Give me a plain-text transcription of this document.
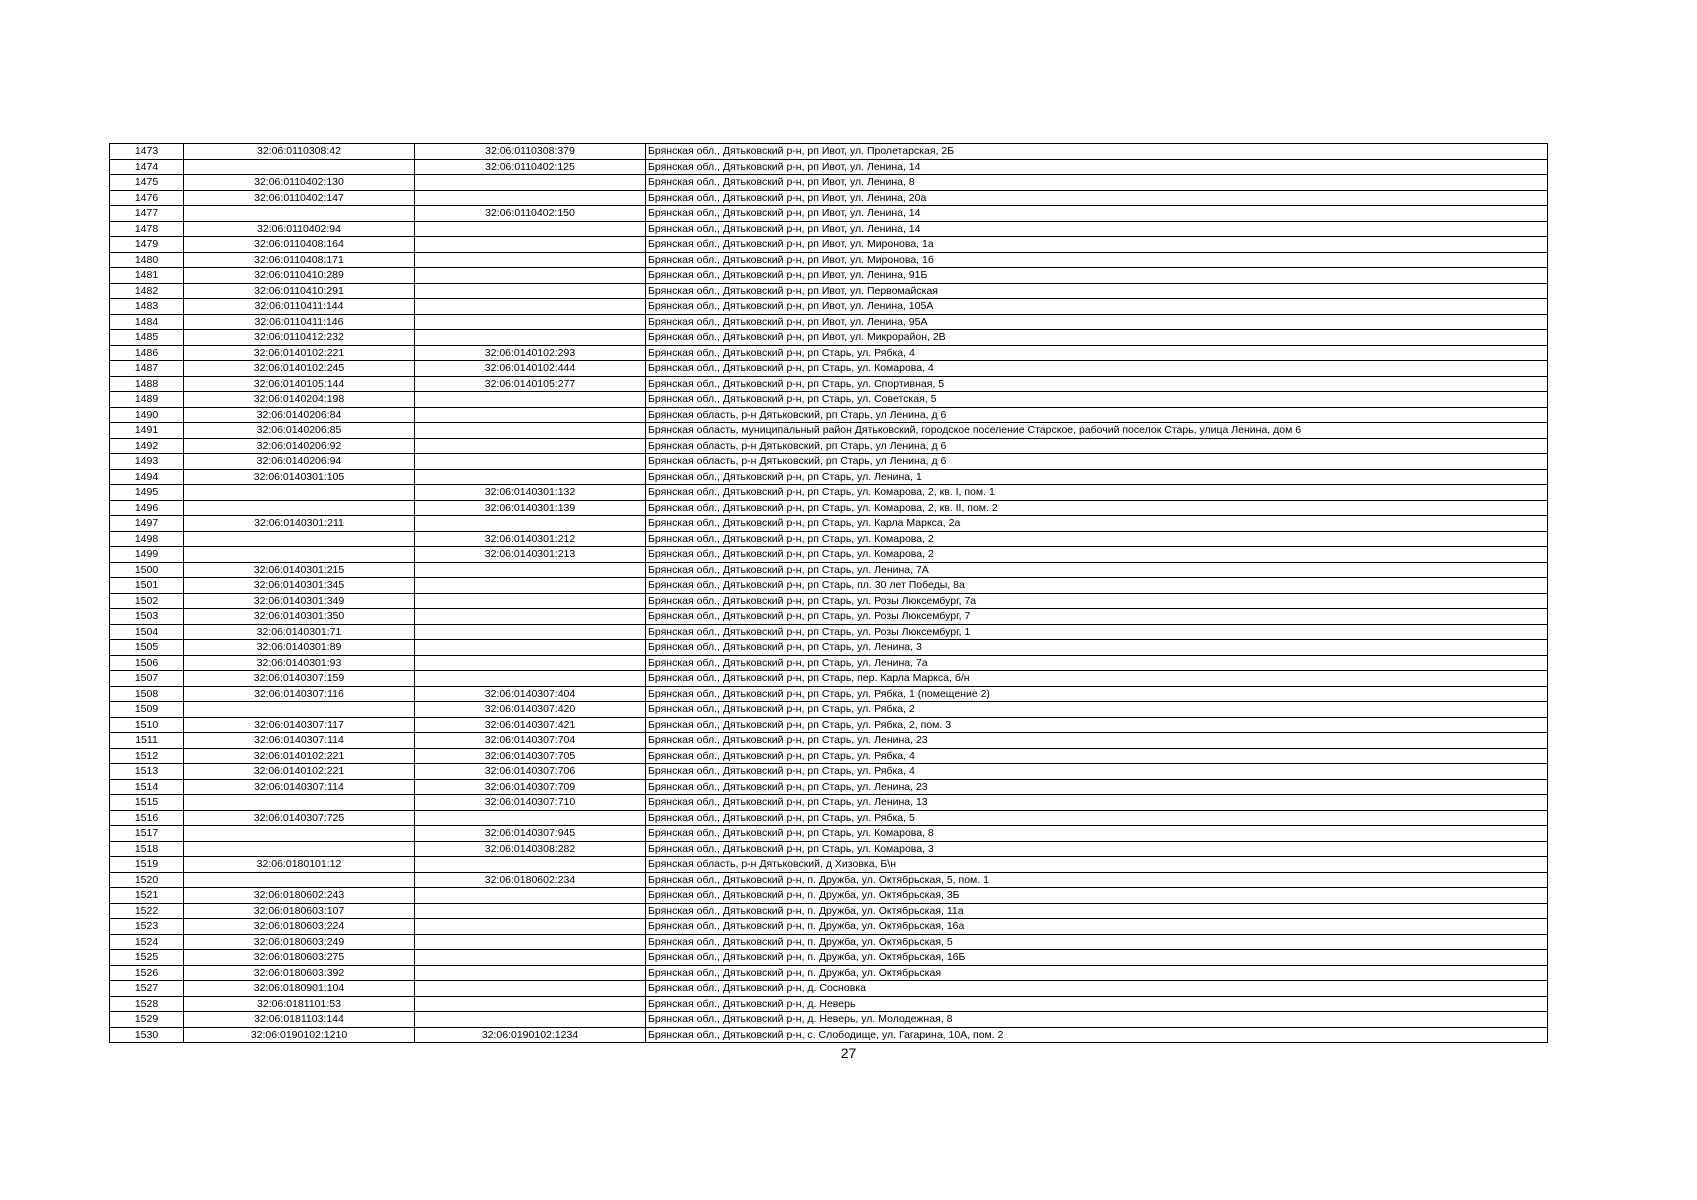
1473	32:06:0110308:42	32:06:0110308:379	Брянская обл., Дятьковский р-н, рп Ивот, ул. Пролетарская, 2Б
1474		32:06:0110402:125	Брянская обл., Дятьковский р-н, рп Ивот, ул. Ленина, 14
1475	32:06:0110402:130		Брянская обл., Дятьковский р-н, рп Ивот, ул. Ленина, 8
1476	32:06:0110402:147		Брянская обл., Дятьковский р-н, рп Ивот, ул. Ленина, 20а
1477		32:06:0110402:150	Брянская обл., Дятьковский р-н, рп Ивот, ул. Ленина, 14
1478	32:06:0110402:94		Брянская обл., Дятьковский р-н, рп Ивот, ул. Ленина, 14
1479	32:06:0110408:164		Брянская обл., Дятьковский р-н, рп Ивот, ул. Миронова, 1а
1480	32:06:0110408:171		Брянская обл., Дятьковский р-н, рп Ивот, ул. Миронова, 1б
1481	32:06:0110410:289		Брянская обл., Дятьковский р-н, рп Ивот, ул. Ленина, 91Б
1482	32:06:0110410:291		Брянская обл., Дятьковский р-н, рп Ивот, ул. Первомайская
1483	32:06:0110411:144		Брянская обл., Дятьковский р-н, рп Ивот, ул. Ленина, 105А
1484	32:06:0110411:146		Брянская обл., Дятьковский р-н, рп Ивот, ул. Ленина, 95А
1485	32:06:0110412:232		Брянская обл., Дятьковский р-н, рп Ивот, ул. Микрорайон, 2В
1486	32:06:0140102:221	32:06:0140102:293	Брянская обл., Дятьковский р-н, рп Старь, ул. Рябка, 4
1487	32:06:0140102:245	32:06:0140102:444	Брянская обл., Дятьковский р-н, рп Старь, ул. Комарова, 4
1488	32:06:0140105:144	32:06:0140105:277	Брянская обл., Дятьковский р-н, рп Старь, ул. Спортивная, 5
1489	32:06:0140204:198		Брянская обл., Дятьковский р-н, рп Старь, ул. Советская, 5
1490	32:06:0140206:84		Брянская область, р-н Дятьковский, рп Старь, ул Ленина, д 6
1491	32:06:0140206:85		Брянская область, муниципальный район Дятьковский, городское поселение Старское, рабочий поселок Старь, улица Ленина, дом 6
1492	32:06:0140206:92		Брянская область, р-н Дятьковский, рп Старь, ул Ленина, д 6
1493	32:06:0140206:94		Брянская область, р-н Дятьковский, рп Старь, ул Ленина, д 6
1494	32:06:0140301:105		Брянская обл., Дятьковский р-н, рп Старь, ул. Ленина, 1
1495		32:06:0140301:132	Брянская обл., Дятьковский р-н, рп Старь, ул. Комарова, 2, кв. I, пом. 1
1496		32:06:0140301:139	Брянская обл., Дятьковский р-н, рп Старь, ул. Комарова, 2, кв. II, пом. 2
1497	32:06:0140301:211		Брянская обл., Дятьковский р-н, рп Старь, ул. Карла Маркса, 2а
1498		32:06:0140301:212	Брянская обл., Дятьковский р-н, рп Старь, ул. Комарова, 2
1499		32:06:0140301:213	Брянская обл., Дятьковский р-н, рп Старь, ул. Комарова, 2
1500	32:06:0140301:215		Брянская обл., Дятьковский р-н, рп Старь, ул. Ленина, 7А
1501	32:06:0140301:345		Брянская обл., Дятьковский р-н, рп Старь, пл. 30 лет Победы, 8а
1502	32:06:0140301:349		Брянская обл., Дятьковский р-н, рп Старь, ул. Розы Люксембург, 7а
1503	32:06:0140301:350		Брянская обл., Дятьковский р-н, рп Старь, ул. Розы Люксембург, 7
1504	32:06:0140301:71		Брянская обл., Дятьковский р-н, рп Старь, ул. Розы Люксембург, 1
1505	32:06:0140301:89		Брянская обл., Дятьковский р-н, рп Старь, ул. Ленина, 3
1506	32:06:0140301:93		Брянская обл., Дятьковский р-н, рп Старь, ул. Ленина, 7а
1507	32:06:0140307:159		Брянская обл., Дятьковский р-н, рп Старь, пер. Карла Маркса, б/н
1508	32:06:0140307:116	32:06:0140307:404	Брянская обл., Дятьковский р-н, рп Старь, ул. Рябка, 1 (помещение 2)
1509		32:06:0140307:420	Брянская обл., Дятьковский р-н, рп Старь, ул. Рябка, 2
1510	32:06:0140307:117	32:06:0140307:421	Брянская обл., Дятьковский р-н, рп Старь, ул. Рябка, 2, пом. 3
1511	32:06:0140307:114	32:06:0140307:704	Брянская обл., Дятьковский р-н, рп Старь, ул. Ленина, 23
1512	32:06:0140102:221	32:06:0140307:705	Брянская обл., Дятьковский р-н, рп Старь, ул. Рябка, 4
1513	32:06:0140102:221	32:06:0140307:706	Брянская обл., Дятьковский р-н, рп Старь, ул. Рябка, 4
1514	32:06:0140307:114	32:06:0140307:709	Брянская обл., Дятьковский р-н, рп Старь, ул. Ленина, 23
1515		32:06:0140307:710	Брянская обл., Дятьковский р-н, рп Старь, ул. Ленина, 13
1516	32:06:0140307:725		Брянская обл., Дятьковский р-н, рп Старь, ул. Рябка, 5
1517		32:06:0140307:945	Брянская обл., Дятьковский р-н, рп Старь, ул. Комарова, 8
1518		32:06:0140308:282	Брянская обл., Дятьковский р-н, рп Старь, ул. Комарова, 3
1519	32:06:0180101:12		Брянская область, р-н Дятьковский, д Хизовка, Б\н
1520		32:06:0180602:234	Брянская обл., Дятьковский р-н, п. Дружба, ул. Октябрьская, 5, пом. 1
1521	32:06:0180602:243		Брянская обл., Дятьковский р-н, п. Дружба, ул. Октябрьская, 3Б
1522	32:06:0180603:107		Брянская обл., Дятьковский р-н, п. Дружба, ул. Октябрьская, 11а
1523	32:06:0180603:224		Брянская обл., Дятьковский р-н, п. Дружба, ул. Октябрьская, 16а
1524	32:06:0180603:249		Брянская обл., Дятьковский р-н, п. Дружба, ул. Октябрьская, 5
1525	32:06:0180603:275		Брянская обл., Дятьковский р-н, п. Дружба, ул. Октябрьская, 16Б
1526	32:06:0180603:392		Брянская обл., Дятьковский р-н, п. Дружба, ул. Октябрьская
1527	32:06:0180901:104		Брянская обл., Дятьковский р-н, д. Сосновка
1528	32:06:0181101:53		Брянская обл., Дятьковский р-н, д. Неверь
1529	32:06:0181103:144		Брянская обл., Дятьковский р-н, д. Неверь, ул. Молодежная, 8
1530	32:06:0190102:1210	32:06:0190102:1234	Брянская обл., Дятьковский р-н, с. Слободище, ул. Гагарина, 10А, пом. 2
27
